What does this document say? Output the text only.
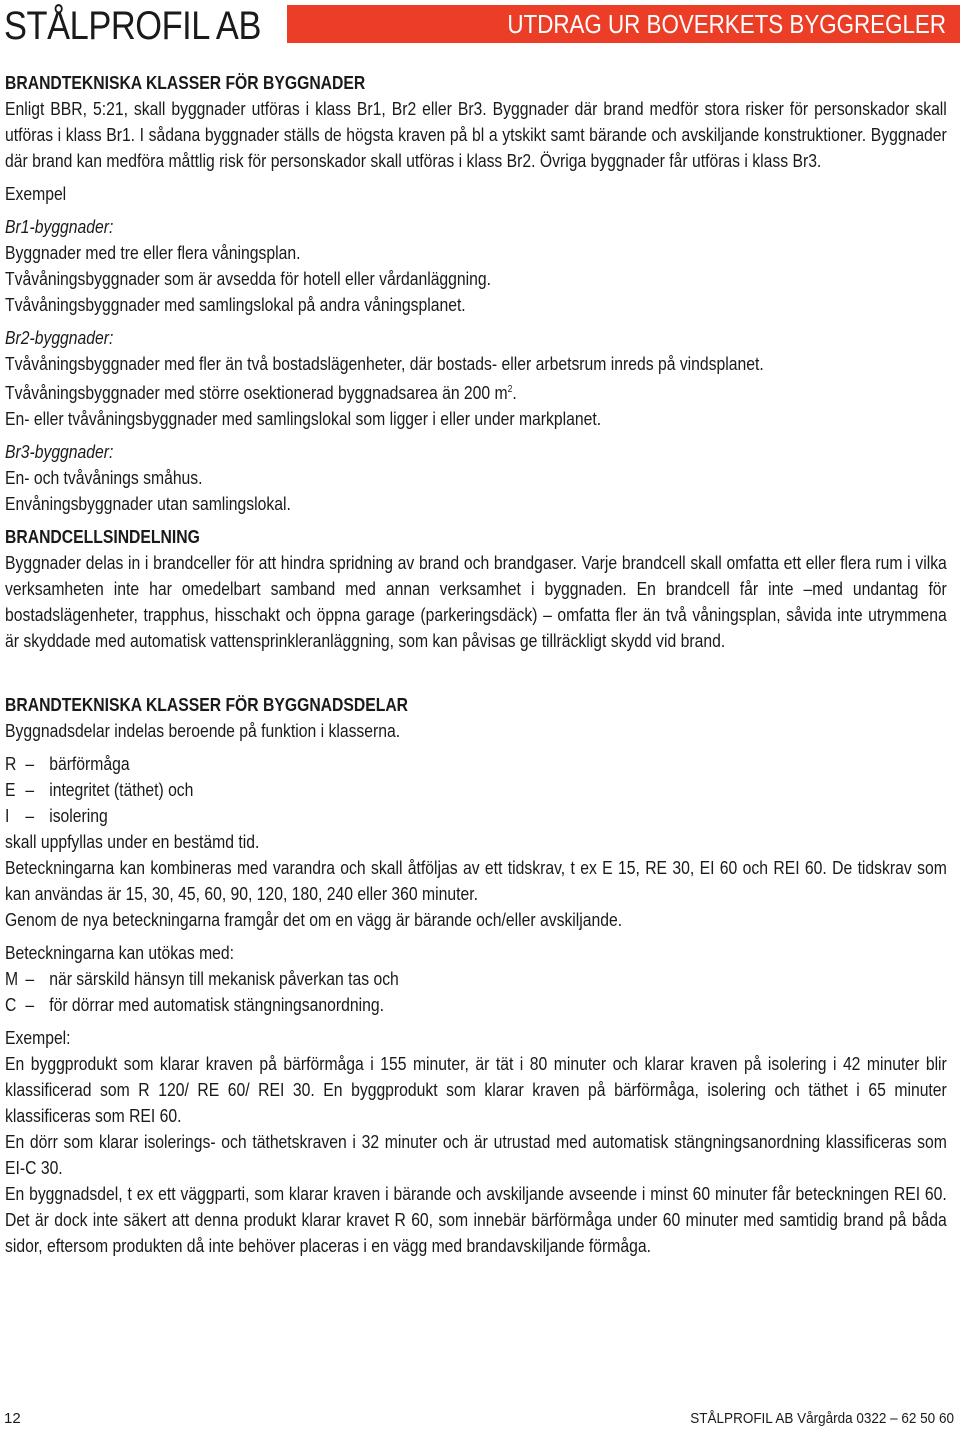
STÅLPROFIL AB	UTDRAG UR BOVERKETS BYGGREGLER

BRANDTEKNISKA KLASSER FÖR BYGGNADER

Enligt BBR, 5:21, skall byggnader utföras i klass Br1, Br2 eller Br3. Byggnader där brand medför stora risker för personskador skall utföras i klass Br1. I sådana byggnader ställs de högsta kraven på bl a ytskikt samt bärande och avskiljande konstruktioner. Byggnader där brand kan medföra måttlig risk för personskador skall utföras i klass Br2. Övriga byggnader får utföras i klass Br3.

Exempel

Br1-byggnader:

Byggnader med tre eller flera våningsplan.

Tvåvåningsbyggnader som är avsedda för hotell eller vårdanläggning.

Tvåvåningsbyggnader med samlingslokal på andra våningsplanet.

Br2-byggnader:

Tvåvåningsbyggnader med fler än två bostadslägenheter, där bostads- eller arbetsrum inreds på vindsplanet.

Tvåvåningsbyggnader med större osektionerad byggnadsarea än 200 $m^2$.

En- eller tvåvåningsbyggnader med samlingslokal som ligger i eller under markplanet.

Br3-byggnader:

En- och tvåvånings småhus.

Envåningsbyggnader utan samlingslokal.

BRANDCELLSINDELNING

Byggnader delas in i brandceller för att hindra spridning av brand och brandgaser. Varje brandcell skall omfatta ett eller flera rum i vilka verksamheten inte har omedelbart samband med annan verksamhet i byggnaden. En brandcell får inte –med undantag för bostadslägenheter, trapphus, hisschakt och öppna garage (parkeringsdäck) – omfatta fler än två våningsplan, såvida inte utrymmena är skyddade med automatisk vattensprinkleranläggning, som kan påvisas ge tillräckligt skydd vid brand.

BRANDTEKNISKA KLASSER FÖR BYGGNADSDELAR

Byggnadsdelar indelas beroende på funktion i klasserna.

R – bärförmåga

E – integritet (täthet) och

I – isolering

skall uppfyllas under en bestämd tid.

Beteckningarna kan kombineras med varandra och skall åtföljas av ett tidskrav, t ex E 15, RE 30, EI 60 och REI 60. De tidskrav som kan användas är 15, 30, 45, 60, 90, 120, 180, 240 eller 360 minuter.

Genom de nya beteckningarna framgår det om en vägg är bärande och/eller avskiljande.

Beteckningarna kan utökas med:

M – när särskild hänsyn till mekanisk påverkan tas och

C – för dörrar med automatisk stängningsanordning.

Exempel:

En byggprodukt som klarar kraven på bärförmåga i 155 minuter, är tät i 80 minuter och klarar kraven på isolering i 42 minuter blir klassificerad som R 120/ RE 60/ REI 30. En byggprodukt som klarar kraven på bärförmåga, isolering och täthet i 65 minuter klassificeras som REI 60.

En dörr som klarar isolerings- och täthetskraven i 32 minuter och är utrustad med automatisk stängningsanordning klassificeras som EI-C 30.

En byggnadsdel, t ex ett väggparti, som klarar kraven i bärande och avskiljande avseende i minst 60 minuter får beteckningen REI 60. Det är dock inte säkert att denna produkt klarar kravet R 60, som innebär bärförmåga under 60 minuter med samtidig brand på båda sidor, eftersom produkten då inte behöver placeras i en vägg med brandavskiljande förmåga.

12	STÅLPROFIL AB Vårgårda 0322 – 62 50 60
